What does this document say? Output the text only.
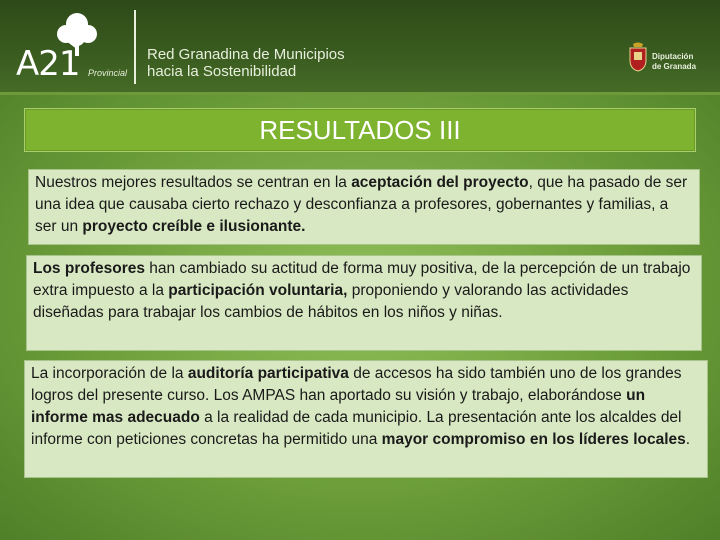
A21 Provincial
Red Granadina de Municipios
hacia la Sostenibilidad
Diputación
de Granada
RESULTADOS III
Nuestros mejores resultados se centran en la aceptación del proyecto, que ha pasado de ser una idea que causaba cierto rechazo y desconfianza a profesores, gobernantes y familias, a ser un proyecto creíble e ilusionante.
Los profesores han cambiado su actitud de forma muy positiva, de la percepción de un trabajo extra impuesto a la participación voluntaria, proponiendo y valorando las actividades diseñadas para trabajar los cambios de hábitos en los niños y niñas.
La incorporación de la auditoría participativa de accesos ha sido también uno de los grandes logros del presente curso. Los AMPAS han aportado su visión y trabajo, elaborándose un informe mas adecuado a la realidad de cada municipio. La presentación ante los alcaldes del informe con peticiones concretas ha permitido una mayor compromiso en los líderes locales.
